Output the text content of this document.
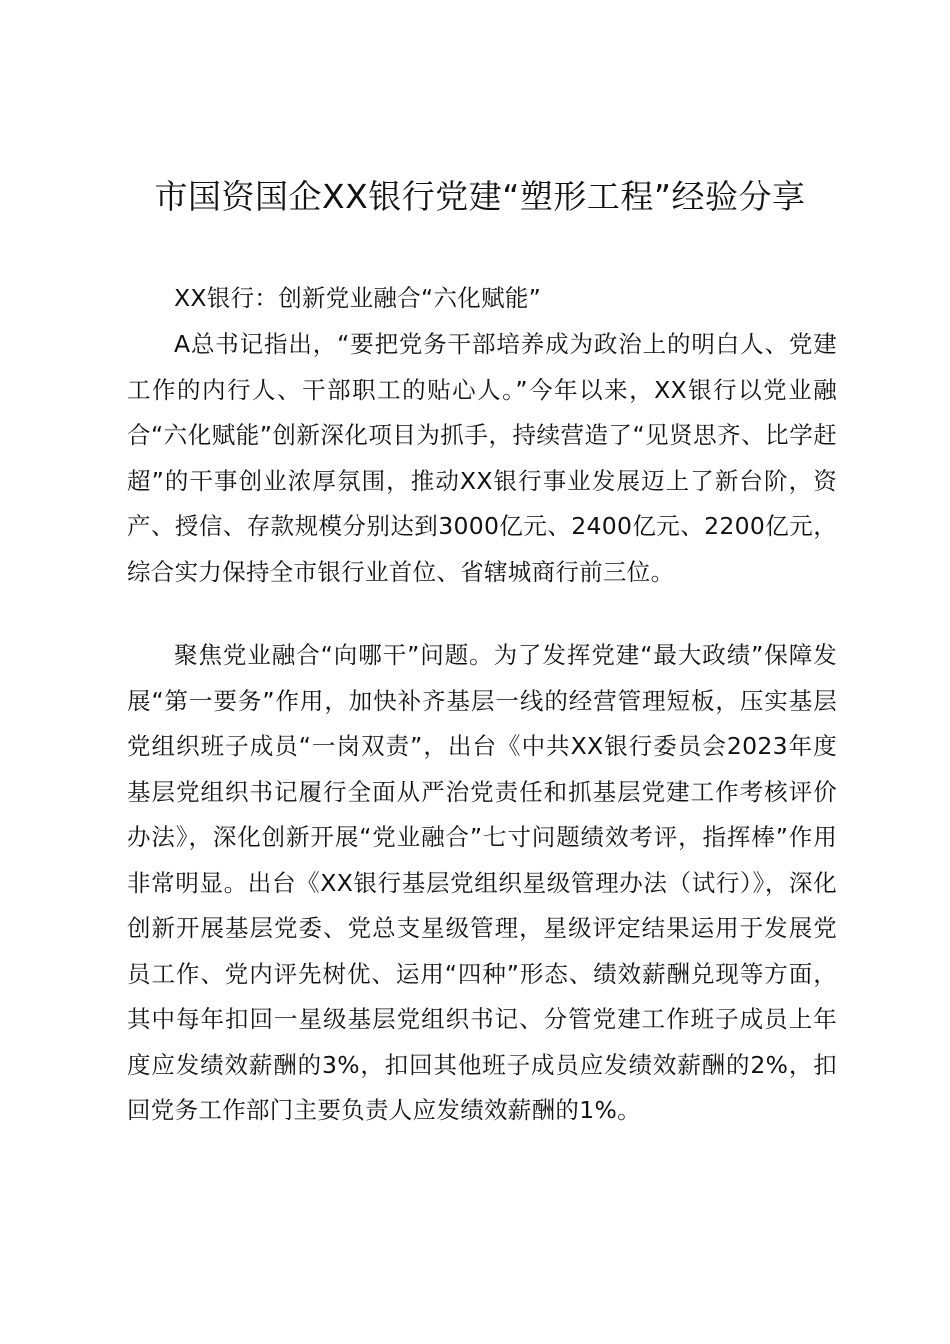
市国资国企XX银行党建“塑形工程”经验分享

XX银行：创新党业融合“六化赋能”

A总书记指出，“要把党务干部培养成为政治上的明白人、党建工作的内行人、干部职工的贴心人。”今年以来，XX银行以党业融合“六化赋能”创新深化项目为抓手，持续营造了“见贤思齐、比学赶超”的干事创业浓厚氛围，推动XX银行事业发展迈上了新台阶，资产、授信、存款规模分别达到3000亿元、2400亿元、2200亿元，综合实力保持全市银行业首位、省辖城商行前三位。

聚焦党业融合“向哪干”问题。为了发挥党建“最大政绩”保障发展“第一要务”作用，加快补齐基层一线的经营管理短板，压实基层党组织班子成员“一岗双责”，出台《中共XX银行委员会2023年度基层党组织书记履行全面从严治党责任和抓基层党建工作考核评价办法》，深化创新开展“党业融合”七寸问题绩效考评，指挥棒”作用非常明显。出台《XX银行基层党组织星级管理办法（试行）》，深化创新开展基层党委、党总支星级管理，星级评定结果运用于发展党员工作、党内评先树优、运用“四种”形态、绩效薪酬兑现等方面，其中每年扣回一星级基层党组织书记、分管党建工作班子成员上年度应发绩效薪酬的3%，扣回其他班子成员应发绩效薪酬的2%，扣回党务工作部门主要负责人应发绩效薪酬的1%。
